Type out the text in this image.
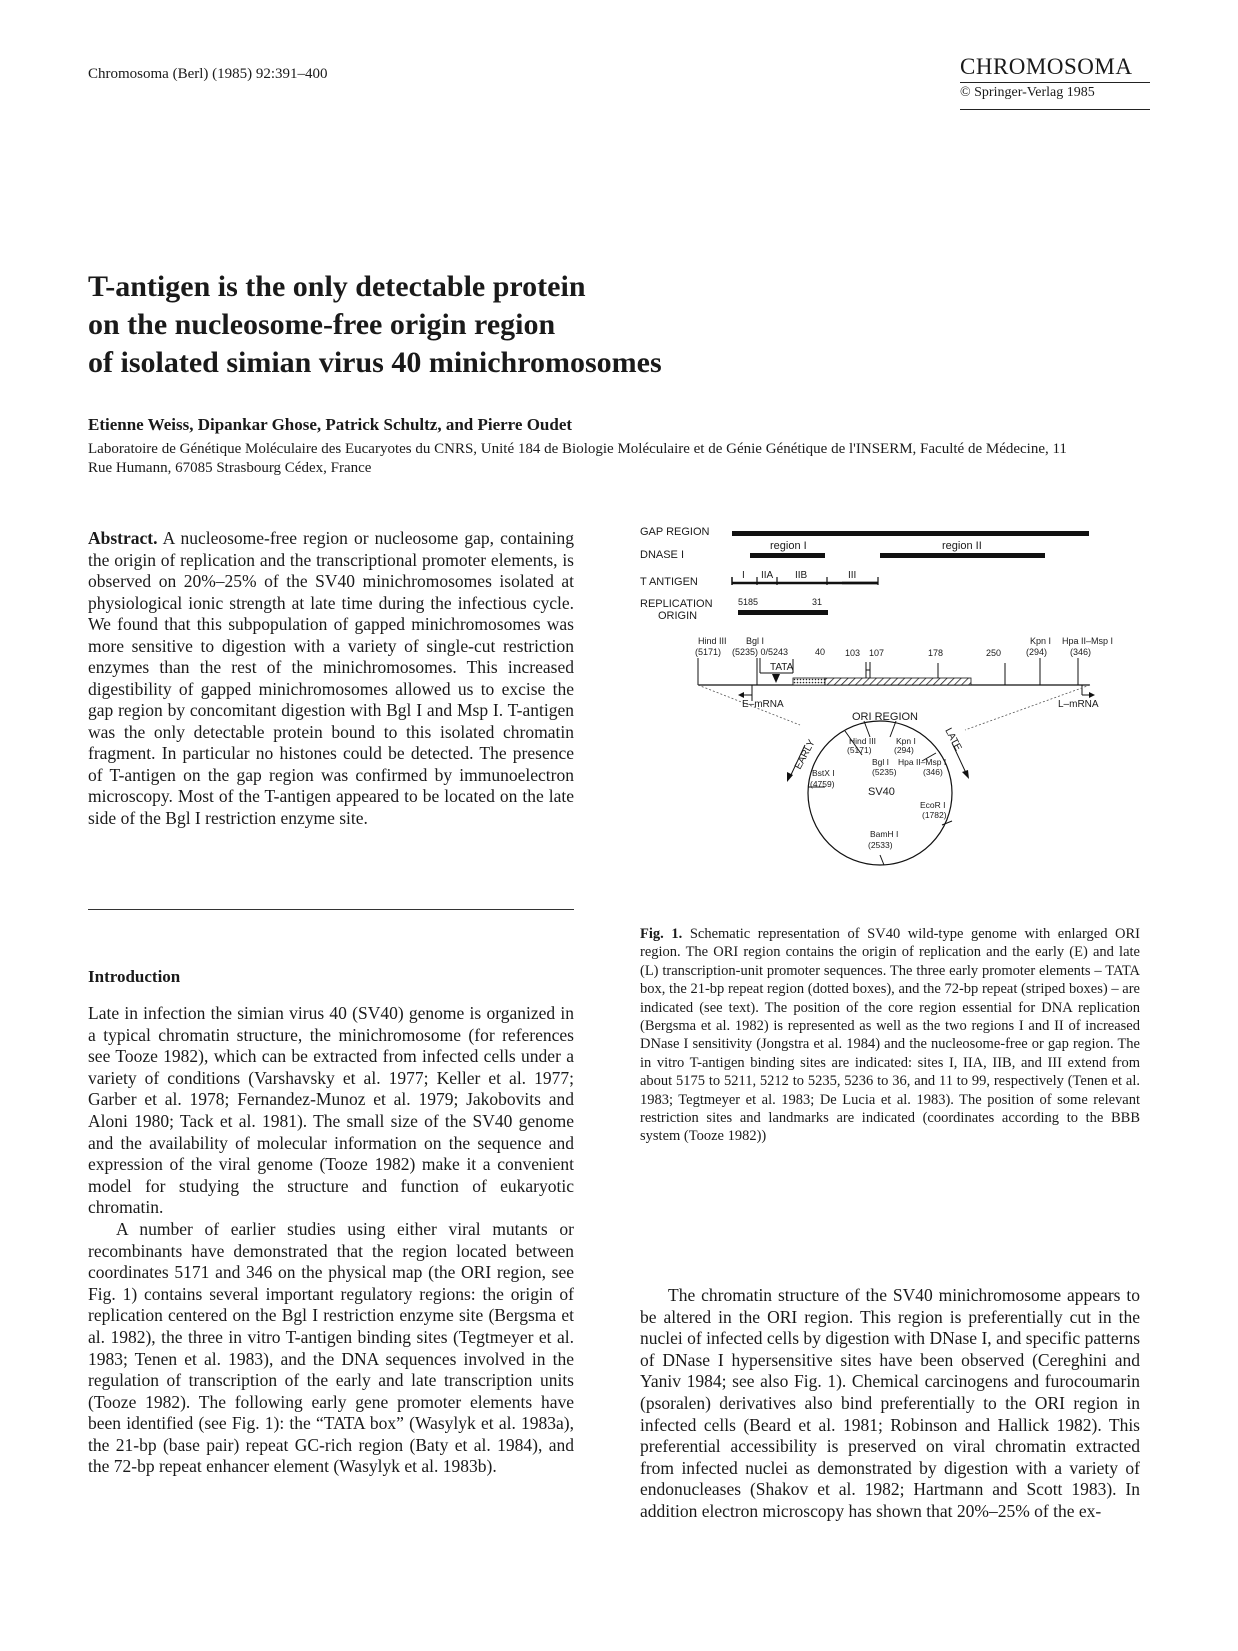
Chromosoma (Berl) (1985) 92:391–400	CHROMOSOMA
© Springer-Verlag 1985
T-antigen is the only detectable protein
on the nucleosome-free origin region
of isolated simian virus 40 minichromosomes
Etienne Weiss, Dipankar Ghose, Patrick Schultz, and Pierre Oudet
Laboratoire de Génétique Moléculaire des Eucaryotes du CNRS, Unité 184 de Biologie Moléculaire et de Génie Génétique de l'INSERM, Faculté de Médecine, 11 Rue Humann, 67085 Strasbourg Cédex, France
Abstract. A nucleosome-free region or nucleosome gap, containing the origin of replication and the transcriptional promoter elements, is observed on 20%–25% of the SV40 minichromosomes isolated at physiological ionic strength at late time during the infectious cycle. We found that this subpopulation of gapped minichromosomes was more sensitive to digestion with a variety of single-cut restriction enzymes than the rest of the minichromosomes. This increased digestibility of gapped minichromosomes allowed us to excise the gap region by concomitant digestion with Bgl I and Msp I. T-antigen was the only detectable protein bound to this isolated chromatin fragment. In particular no histones could be detected. The presence of T-antigen on the gap region was confirmed by immunoelectron microscopy. Most of the T-antigen appeared to be located on the late side of the Bgl I restriction enzyme site.
Introduction

Late in infection the simian virus 40 (SV40) genome is organized in a typical chromatin structure, the minichromosome (for references see Tooze 1982), which can be extracted from infected cells under a variety of conditions (Varshavsky et al. 1977; Keller et al. 1977; Garber et al. 1978; Fernandez-Munoz et al. 1979; Jakobovits and Aloni 1980; Tack et al. 1981). The small size of the SV40 genome and the availability of molecular information on the sequence and expression of the viral genome (Tooze 1982) make it a convenient model for studying the structure and function of eukaryotic chromatin.

A number of earlier studies using either viral mutants or recombinants have demonstrated that the region located between coordinates 5171 and 346 on the physical map (the ORI region, see Fig. 1) contains several important regulatory regions: the origin of replication centered on the Bgl I restriction enzyme site (Bergsma et al. 1982), the three in vitro T-antigen binding sites (Tegtmeyer et al. 1983; Tenen et al. 1983), and the DNA sequences involved in the regulation of transcription of the early and late transcription units (Tooze 1982). The following early gene promoter elements have been identified (see Fig. 1): the “TATA box” (Wasylyk et al. 1983a), the 21-bp (base pair) repeat GC-rich region (Baty et al. 1984), and the 72-bp repeat enhancer element (Wasylyk et al. 1983b).

GAP REGION
DNASE I
T ANTIGEN
REPLICATION
ORIGIN
region I	region II
I IIA IIB	III
5185	31
Hind III
(5171)
Bgl I
(5235) 0/5243	40 103 107	178	250
Kpn I
(294)
Hpa II–Msp I
(346)
TATA
E–mRNA	L–mRNA
ORI REGION
EARLY	LATE
Hind III
(5171)
Kpn I
(294)
Bgl I Hpa II–Msp I
(5235)	(346)
BstX I
(4759)
SV40
EcoR I
(1782)
BamH I
(2533)
Fig. 1. Schematic representation of SV40 wild-type genome with enlarged ORI region. The ORI region contains the origin of replication and the early (E) and late (L) transcription-unit promoter sequences. The three early promoter elements – TATA box, the 21-bp repeat region (dotted boxes), and the 72-bp repeat (striped boxes) – are indicated (see text). The position of the core region essential for DNA replication (Bergsma et al. 1982) is represented as well as the two regions I and II of increased DNase I sensitivity (Jongstra et al. 1984) and the nucleosome-free or gap region. The in vitro T-antigen binding sites are indicated: sites I, IIA, IIB, and III extend from about 5175 to 5211, 5212 to 5235, 5236 to 36, and 11 to 99, respectively (Tenen et al. 1983; Tegtmeyer et al. 1983; De Lucia et al. 1983). The position of some relevant restriction sites and landmarks are indicated (coordinates according to the BBB system (Tooze 1982))

The chromatin structure of the SV40 minichromosome appears to be altered in the ORI region. This region is preferentially cut in the nuclei of infected cells by digestion with DNase I, and specific patterns of DNase I hypersensitive sites have been observed (Cereghini and Yaniv 1984; see also Fig. 1). Chemical carcinogens and furocoumarin (psoralen) derivatives also bind preferentially to the ORI region in infected cells (Beard et al. 1981; Robinson and Hallick 1982). This preferential accessibility is preserved on viral chromatin extracted from infected nuclei as demonstrated by digestion with a variety of endonucleases (Shakov et al. 1982; Hartmann and Scott 1983). In addition electron microscopy has shown that 20%–25% of the ex-
